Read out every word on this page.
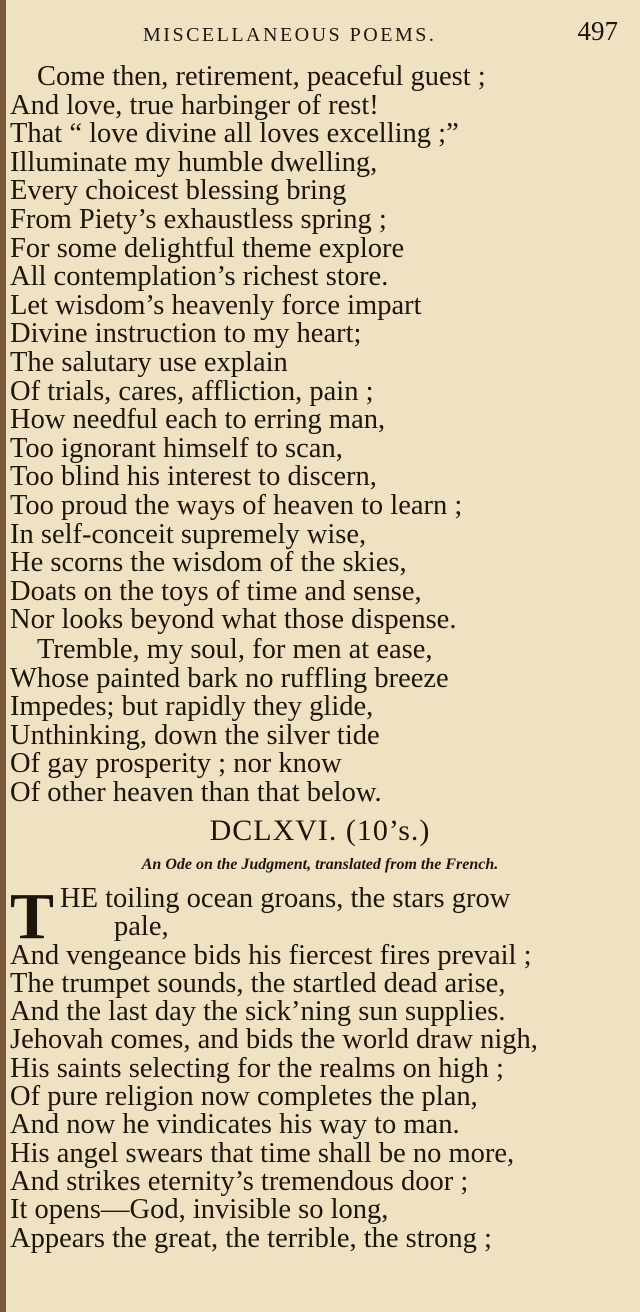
MISCELLANEOUS POEMS.	497
Come then, retirement, peaceful guest ;
And love, true harbinger of rest!
That “ love divine all loves excelling ;”
Illuminate my humble dwelling,
Every choicest blessing bring
From Piety’s exhaustless spring ;
For some delightful theme explore
All contemplation’s richest store.
Let wisdom’s heavenly force impart
Divine instruction to my heart;
The salutary use explain
Of trials, cares, affliction, pain ;
How needful each to erring man,
Too ignorant himself to scan,
Too blind his interest to discern,
Too proud the ways of heaven to learn ;
In self-conceit supremely wise,
He scorns the wisdom of the skies,
Doats on the toys of time and sense,
Nor looks beyond what those dispense.
Tremble, my soul, for men at ease,
Whose painted bark no ruffling breeze
Impedes; but rapidly they glide,
Unthinking, down the silver tide
Of gay prosperity ; nor know
Of other heaven than that below.
DCLXVI. (10’s.)
An Ode on the Judgment, translated from the French.
T HE toiling ocean groans, the stars grow
pale,
And vengeance bids his fiercest fires prevail ;
The trumpet sounds, the startled dead arise,
And the last day the sick’ning sun supplies.
Jehovah comes, and bids the world draw nigh,
His saints selecting for the realms on high ;
Of pure religion now completes the plan,
And now he vindicates his way to man.
His angel swears that time shall be no more,
And strikes eternity’s tremendous door ;
It opens—God, invisible so long,
Appears the great, the terrible, the strong ;
